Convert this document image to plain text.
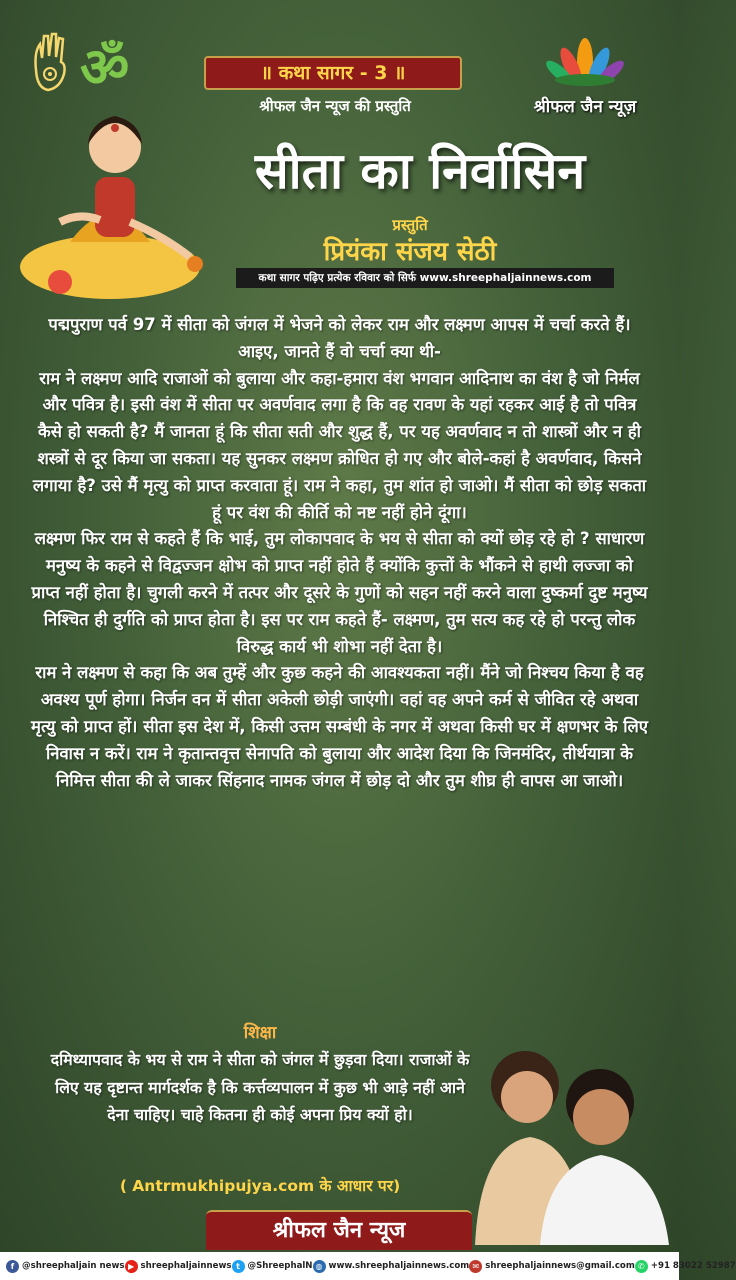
ॐ
श्रीफल जैन न्यूज़
॥ कथा सागर - 3 ॥
श्रीफल जैन न्यूज की प्रस्तुति
सीता का निर्वासिन
प्रस्तुति
प्रियंका संजय सेठी
कथा सागर पढ़िए प्रत्येक रविवार को सिर्फ www.shreephaljainnews.com

पद्मपुराण पर्व 97 में सीता को जंगल में भेजने को लेकर राम और लक्ष्मण आपस में चर्चा करते हैं। आइए, जानते हैं वो चर्चा क्या थी-

राम ने लक्ष्मण आदि राजाओं को बुलाया और कहा-हमारा वंश भगवान आदिनाथ का वंश है जो निर्मल और पवित्र है। इसी वंश में सीता पर अवर्णवाद लगा है कि वह रावण के यहां रहकर आई है तो पवित्र कैसे हो सकती है? मैं जानता हूं कि सीता सती और शुद्ध हैं, पर यह अवर्णवाद न तो शास्त्रों और न ही शस्त्रों से दूर किया जा सकता। यह सुनकर लक्ष्मण क्रोधित हो गए और बोले-कहां है अवर्णवाद, किसने लगाया है? उसे मैं मृत्यु को प्राप्त करवाता हूं। राम ने कहा, तुम शांत हो जाओ। मैं सीता को छोड़ सकता हूं पर वंश की कीर्ति को नष्ट नहीं होने दूंगा।

लक्ष्मण फिर राम से कहते हैं कि भाई, तुम लोकापवाद के भय से सीता को क्यों छोड़ रहे हो ? साधारण मनुष्य के कहने से विद्वज्जन क्षोभ को प्राप्त नहीं होते हैं क्योंकि कुत्तों के भौंकने से हाथी लज्जा को प्राप्त नहीं होता है। चुगली करने में तत्पर और दूसरे के गुणों को सहन नहीं करने वाला दुष्कर्मा दुष्ट मनुष्य निश्चित ही दुर्गति को प्राप्त होता है। इस पर राम कहते हैं- लक्ष्मण, तुम सत्य कह रहे हो परन्तु लोक विरुद्ध कार्य भी शोभा नहीं देता है।

राम ने लक्ष्मण से कहा कि अब तुम्हें और कुछ कहने की आवश्यकता नहीं। मैंने जो निश्चय किया है वह अवश्य पूर्ण होगा। निर्जन वन में सीता अकेली छोड़ी जाएंगी। वहां वह अपने कर्म से जीवित रहे अथवा मृत्यु को प्राप्त हों। सीता इस देश में, किसी उत्तम सम्बंधी के नगर में अथवा किसी घर में क्षणभर के लिए निवास न करें। राम ने कृतान्तवृत्त सेनापति को बुलाया और आदेश दिया कि जिनमंदिर, तीर्थयात्रा के निमित्त सीता की ले जाकर सिंहनाद नामक जंगल में छोड़ दो और तुम शीघ्र ही वापस आ जाओ।

शिक्षा
दमिथ्यापवाद के भय से राम ने सीता को जंगल में छुड़वा दिया। राजाओं के लिए यह दृष्टान्त मार्गदर्शक है कि कर्त्तव्यपालन में कुछ भी आड़े नहीं आने देना चाहिए। चाहे कितना ही कोई अपना प्रिय क्यों हो।
( Antrmukhipujya.com के आधार पर)
श्रीफल जैन न्यूज
f @shreephaljain news ▶ shreephaljainnews t @ShreephalN ◍ www.shreephaljainnews.com ✉ shreephaljainnews@gmail.com ✆ +91 83022 52987
